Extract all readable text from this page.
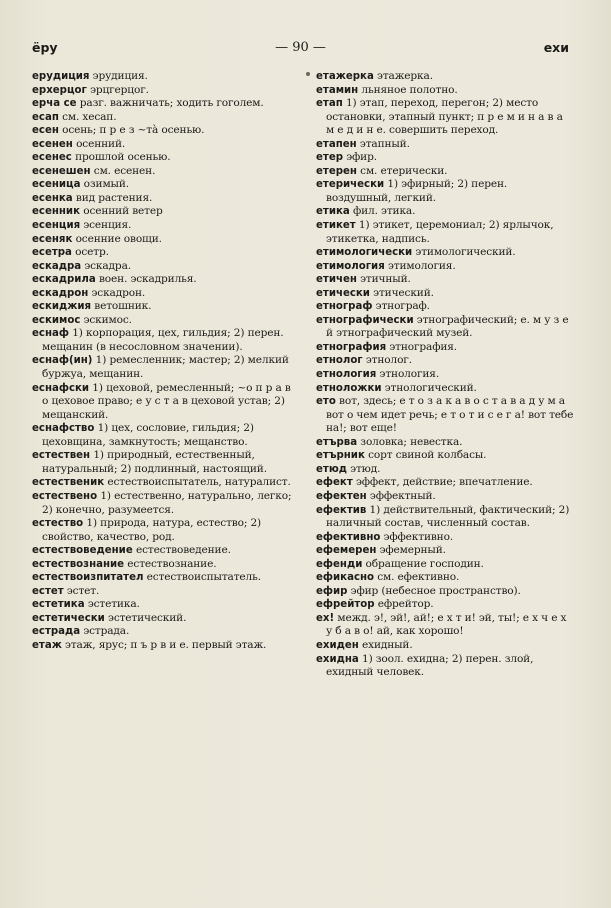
ёру	— 90 —	ехи

ерудиция эрудиция.

ерхерцог эрцгерцог.

ерча се разг. важничать; ходить гоголем.

есап см. хесап.

есен осень; п р е з ~тà осенью.

есенен осенний.

есенес прошлой осенью.

есенешен см. есенен.

есеница озимый.

есенка вид растения.

есенник осенний ветер

есенция эсенция.

есеняк осенние овощи.

есетра осетр.

ескадра эскадра.

ескадрила воен. эскадрилья.

ескадрон эскадрон.

ескиджия ветошник.

ескимос эскимос.

еснаф 1) корпорация, цех, гильдия; 2) перен. мещанин (в несословном значении).

еснаф(ин) 1) ремесленник; мастер; 2) мелкий буржуа, мещанин.

еснафски 1) цеховой, ремесленный; ~о п р а в о цеховое право; е у с т а в цеховой устав; 2) мещанский.

еснафство 1) цех, сословие, гильдия; 2) цеховщина, замкнутость; мещанство.

естествен 1) природный, естественный, натуральный; 2) подлинный, настоящий.

естественик естествоиспытатель, натуралист.

естествено 1) естественно, натурально, легко; 2) конечно, разумеется.

естество 1) природа, натура, естество; 2) свойство, качество, род.

естествоведение естествоведение.

естествознание естествознание.

естествоизпитател естествоиспытатель.

естет эстет.

естетика эстетика.

естетически эстетический.

естрада эстрада.

етаж этаж, ярус; п ъ р в и е. первый этаж.

етажерка этажерка.

етамин льняное полотно.

етап 1) этап, переход, перегон; 2) место остановки, этапный пункт; п р е м и н а в а м е д и н е. совершить переход.

етапен этапный.

етер эфир.

етерен см. етерически.

етерически 1) эфирный; 2) перен. воздушный, легкий.

етика фил. этика.

етикет 1) этикет, церемониал; 2) ярлычок, этикетка, надпись.

етимологически этимологический.

етимология этимология.

етичен этичный.

етически этический.

етнограф этнограф.

етнографически этнографический; е. м у з е й этнографический музей.

етнография этнография.

етнолог этнолог.

етнология этнология.

етноложки этнологический.

ето вот, здесь; е т о з а к а в о с т а в а д у м а вот о чем идет речь; е т о т и с е г а! вот тебе на!; вот еще!

етърва золовка; невестка.

етърник сорт свиной колбасы.

етюд этюд.

ефект эффект, действие; впечатление.

ефектен эффектный.

ефектив 1) действительный, фактический; 2) наличный состав, численный состав.

ефективно эффективно.

ефемерен эфемерный.

ефенди обращение господин.

ефикасно см. ефективно.

ефир эфир (небесное пространство).

ефрейтор ефрейтор.

ех! межд. э!, эй!, ай!; е х т и! эй, ты!; е х ч е х у б а в о! ай, как хорошо!

ехиден ехидный.

ехидна 1) зоол. ехидна; 2) перен. злой, ехидный человек.
